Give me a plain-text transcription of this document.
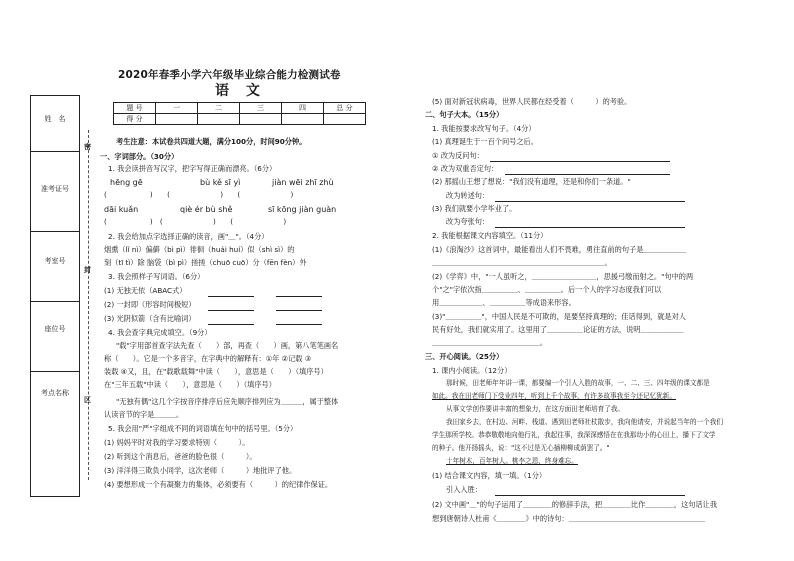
姓　名
准考证号
考室号
座位号
考点名称
密
封
区
2020年春季小学六年级毕业综合能力检测试卷
语 文
题 号	一	二	三	四	总 分
得 分					
考生注意：本试卷共四道大题，满分100分，时间90分钟。
一、字词部分。（30分）
1. 我会读拼音写汉字，把字写得正确而漂亮。（6分）
hēng gē	bù kě sī yì	jiàn wēi zhī zhù
(　　　　　　)　　(　　　　　　　)　　(　　　　　　　)
dāi kuǎn	qiè ér bù shě	sī kōng jiàn guàn
(　　　　　　)　(　　　　　　　)　　(　　　　　　　)
2. 我会给加点字选择正确的读音，画"＿"。（4分）
烟熏（lǐ nì）偏僻（bì pì）徘徊（huái huí）似（shì sì）的
刻（tī tì）除 脑袋（bì pì）搓搓（chuō cuō）分（fēn fèn）外
3. 我会照样子写词语。（6分）
(1) 无独无依（ABAC式）
(2) 一封即（形容时间极短）
(3) 光阴似箭（含有比喻词）
4. 我会查字典完成填空。（9分）
"载"字用部首查字法先查（　　）部，再查（　　）画，第八笔笔画名
称（　　）。它是一个多音字，在字典中的解释有：①年 ②记载 ③
装载 ④又，且，在"载歌载舞"中读（　　），意思是（　　）（填序号）
在"三年五载"中读（　　），意思是（　　）（填序号）
"无独有偶"这几个字按音序排序后应先顺序排列应为＿＿＿，属于整体
认读音节的字是＿＿＿。
5. 我会用"严"字组成不同的词语填在句中的括号里。（5分）
(1) 妈妈平时对我的学习要求特别（　　　）。
(2) 听到这个消息后，爸爸的脸色很（　　　）。
(3) 洋洋得三欺负小同学，这次老师（　　　）地批评了他。
(4) 要想形成一个有凝聚力的集体，必须要有（　　　）的纪律作保证。
(5) 面对新冠状病毒，世界人民都在经受着（　　　）的考验。
二、句子大本。（15分）
1. 我能按要求改写句子。（4分）
(1) 真理诞生于一百个问号之后。
① 改为反问句：
② 改为双重否定句：
(2) 那摇山王想了想说："我们没有道理，还是和你们一条道。"
改为转述句：
(3) 我们就要小学毕业了。
改为夸张句：
2. 我能根据课文内容填空。（11分）
(1)《浪淘沙》这首词中，最能看出人们不畏难，勇往直前的句子是＿＿＿＿＿＿
＿＿＿＿＿＿＿＿＿＿＿＿＿＿＿＿＿＿＿＿＿＿＿＿。
(2)《学弈》中，"一人虽听之，＿＿＿＿＿＿＿＿＿，思援弓缴而射之。"句中的两
个"之"字依次指＿＿＿＿＿、＿＿＿＿＿。后一个人的学习态度我们可以
用＿＿＿＿＿＿、＿＿＿＿＿等成语来形容。
(3)"＿＿＿＿＿"，中国人民是不可欺的，是要坚持真理的；佳话得到，就是对人
民有好处，我们就实用了。这里用了＿＿＿＿＿论证的方法，说明＿＿＿＿＿＿
＿＿＿＿＿＿＿＿＿＿＿＿＿＿＿。
三、开心阅读。（25分）
1. 课内小阅读。（12分）
那时候，田老师年年讲一课，都要编一个引人入胜的故事，一、二、三、四年级的课文都是
如此。我在田老师门下受业四年，听到上千个故事，有许多故事我至今还记忆犹新。
从事文学创作要讲丰富的想象力，在这方面田老师培育了我。
我田家乡去，在村边、河畔、栈道、遇到田老师社杖散步，我向他请安，并说起当年的一个我们
学生那所学校。恭恭敬敬地向他行礼，我起往事，我深深感悟在在我那幼小的心田上，播下了文学
的种子。他开扬摇头，说："这不过是无心插柳柳成荫罢了。"
十年树木，百年树人。桃李之恩，终身难忘。
(1) 结合课文内容，填一填。（1分）
引入入胜：
(2) 文中画"＿"的句子运用了＿＿＿＿的修辞手法，把＿＿＿＿比作＿＿＿＿，这句话让我
想到唐朝诗人杜甫《＿＿＿＿》中的诗句：＿＿＿＿＿＿＿＿＿＿＿＿＿＿＿＿＿＿＿
